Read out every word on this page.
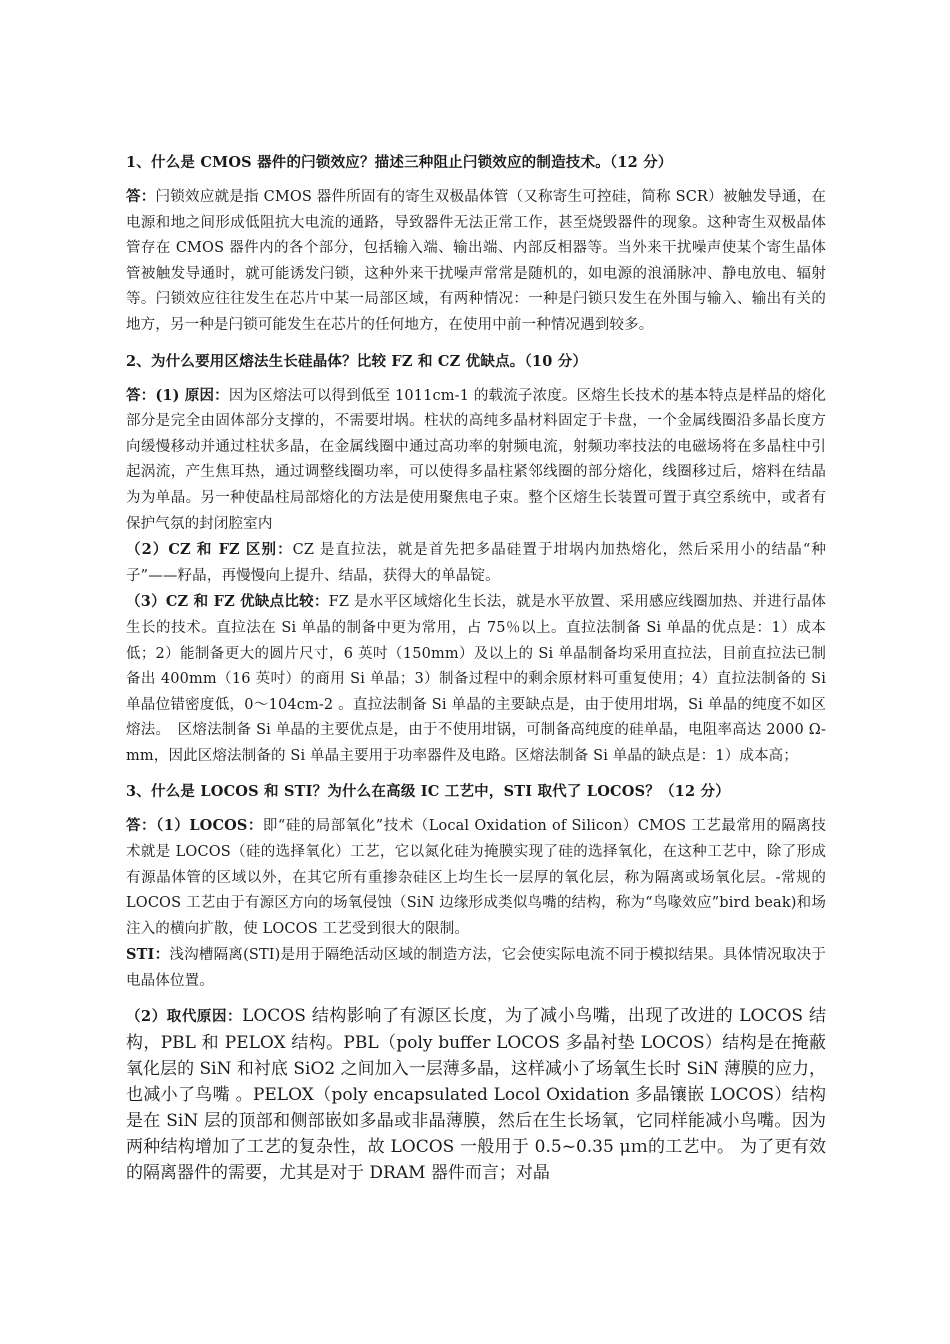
1、什么是 CMOS 器件的闩锁效应？描述三种阻止闩锁效应的制造技术。（12 分）

答：闩锁效应就是指 CMOS 器件所固有的寄生双极晶体管（又称寄生可控硅，简称 SCR）被触发导通，在电源和地之间形成低阻抗大电流的通路，导致器件无法正常工作，甚至烧毁器件的现象。这种寄生双极晶体管存在 CMOS 器件内的各个部分，包括输入端、输出端、内部反相器等。当外来干扰噪声使某个寄生晶体管被触发导通时，就可能诱发闩锁，这种外来干扰噪声常常是随机的，如电源的浪涌脉冲、静电放电、辐射等。闩锁效应往往发生在芯片中某一局部区域，有两种情况：一种是闩锁只发生在外围与输入、输出有关的地方，另一种是闩锁可能发生在芯片的任何地方，在使用中前一种情况遇到较多。

2、为什么要用区熔法生长硅晶体？比较 FZ 和 CZ 优缺点。（10 分）

答：(1) 原因：因为区熔法可以得到低至 1011cm-1 的载流子浓度。区熔生长技术的基本特点是样品的熔化部分是完全由固体部分支撑的，不需要坩埚。柱状的高纯多晶材料固定于卡盘，一个金属线圈沿多晶长度方向缓慢移动并通过柱状多晶，在金属线圈中通过高功率的射频电流，射频功率技法的电磁场将在多晶柱中引起涡流，产生焦耳热，通过调整线圈功率，可以使得多晶柱紧邻线圈的部分熔化，线圈移过后，熔料在结晶为为单晶。另一种使晶柱局部熔化的方法是使用聚焦电子束。整个区熔生长装置可置于真空系统中，或者有保护气氛的封闭腔室内

（2）CZ 和 FZ 区别：CZ 是直拉法，就是首先把多晶硅置于坩埚内加热熔化，然后采用小的结晶“种子”——籽晶，再慢慢向上提升、结晶，获得大的单晶锭。

（3）CZ 和 FZ 优缺点比较：FZ 是水平区域熔化生长法，就是水平放置、采用感应线圈加热、并进行晶体生长的技术。直拉法在 Si 单晶的制备中更为常用，占 75％以上。直拉法制备 Si 单晶的优点是：1）成本低；2）能制备更大的圆片尺寸，6 英吋（150mm）及以上的 Si 单晶制备均采用直拉法，目前直拉法已制备出 400mm（16 英吋）的商用 Si 单晶；3）制备过程中的剩余原材料可重复使用；4）直拉法制备的 Si 单晶位错密度低，0～104cm-2 。直拉法制备 Si 单晶的主要缺点是，由于使用坩埚，Si 单晶的纯度不如区熔法。　区熔法制备 Si 单晶的主要优点是，由于不使用坩锅，可制备高纯度的硅单晶，电阻率高达 2000 Ω-mm，因此区熔法制备的 Si 单晶主要用于功率器件及电路。区熔法制备 Si 单晶的缺点是：1）成本高；

3、什么是 LOCOS 和 STI？为什么在高级 IC 工艺中，STI 取代了 LOCOS？（12 分）

答：（1）LOCOS：即“硅的局部氧化”技术（Local Oxidation of Silicon）CMOS 工艺最常用的隔离技术就是 LOCOS（硅的选择氧化）工艺，它以氮化硅为掩膜实现了硅的选择氧化，在这种工艺中，除了形成有源晶体管的区域以外，在其它所有重掺杂硅区上均生长一层厚的氧化层，称为隔离或场氧化层。-常规的 LOCOS 工艺由于有源区方向的场氧侵蚀（SiN 边缘形成类似鸟嘴的结构，称为“鸟喙效应”bird beak)和场注入的横向扩散，使 LOCOS 工艺受到很大的限制。

STI：浅沟槽隔离(STI)是用于隔绝活动区域的制造方法，它会使实际电流不同于模拟结果。具体情况取决于电晶体位置。

（2）取代原因：LOCOS 结构影响了有源区长度，为了减小鸟嘴，出现了改进的 LOCOS 结构，PBL 和 PELOX 结构。PBL（poly buffer LOCOS 多晶衬垫 LOCOS）结构是在掩蔽氧化层的 SiN 和衬底 SiO2 之间加入一层薄多晶，这样减小了场氧生长时 SiN 薄膜的应力，也减小了鸟嘴 。PELOX（poly encapsulated Locol Oxidation 多晶镶嵌 LOCOS）结构是在 SiN 层的顶部和侧部嵌如多晶或非晶薄膜，然后在生长场氧，它同样能减小鸟嘴。因为两种结构增加了工艺的复杂性，故 LOCOS 一般用于 0.5~0.35 μｍ的工艺中。 为了更有效的隔离器件的需要，尤其是对于 DRAM 器件而言；对晶
